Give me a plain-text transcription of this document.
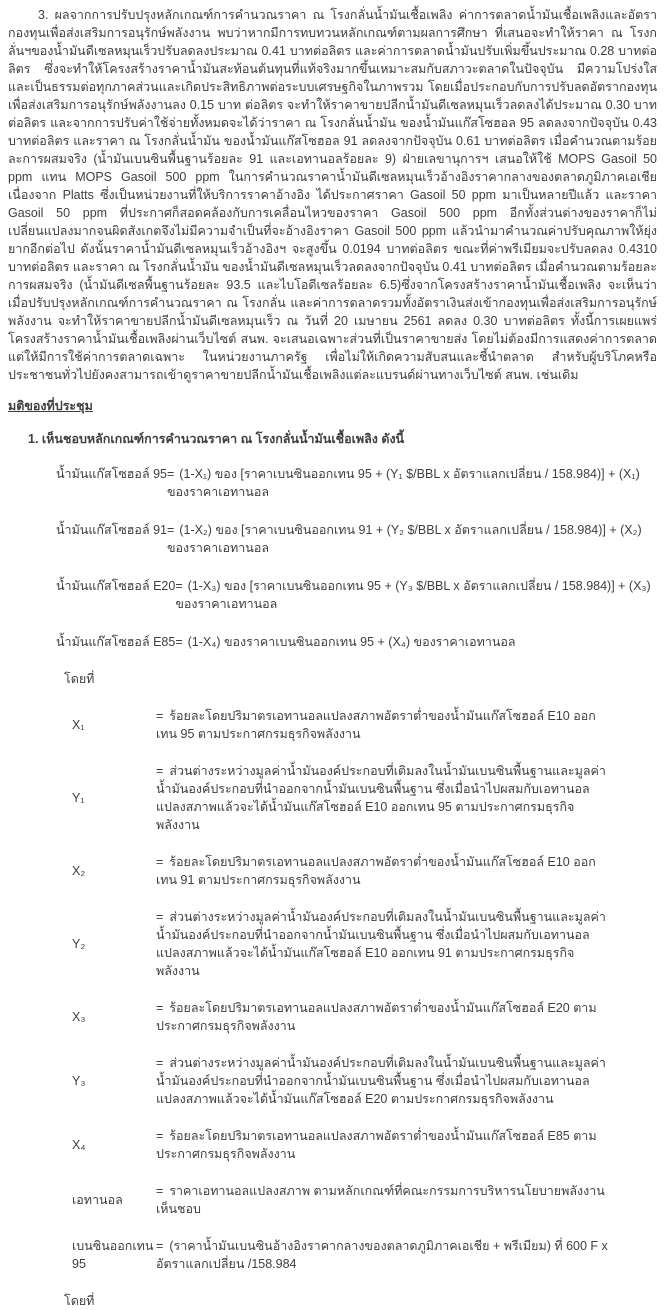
3. ผลจากการปรับปรุงหลักเกณฑ์การคำนวณราคา ณ โรงกลั่นน้ำมันเชื้อเพลิง ค่าการตลาดน้ำมันเชื้อเพลิงและอัตรากองทุนเพื่อส่งเสริมการอนุรักษ์พลังงาน พบว่าหากมีการทบทวนหลักเกณฑ์ตามผลการศึกษา ที่เสนอจะทำให้ราคา ณ โรงกลั่นฯของน้ำมันดีเซลหมุนเร็วปรับลดลงประมาณ 0.41 บาทต่อลิตร และค่าการตลาดน้ำมันปรับเพิ่มขึ้นประมาณ 0.28 บาทต่อลิตร ซึ่งจะทำให้โครงสร้างราคาน้ำมันสะท้อนต้นทุนที่แท้จริงมากขึ้นเหมาะสมกับสภาวะตลาดในปัจจุบัน มีความโปร่งใสและเป็นธรรมต่อทุกภาคส่วนและเกิดประสิทธิภาพต่อระบบเศรษฐกิจในภาพรวม โดยเมื่อประกอบกับการปรับลดอัตรากองทุนเพื่อส่งเสริมการอนุรักษ์พลังงานลง 0.15 บาท ต่อลิตร จะทำให้ราคาขายปลีกน้ำมันดีเซลหมุนเร็วลดลงได้ประมาณ 0.30 บาทต่อลิตร และจากการปรับค่าใช้จ่ายทั้งหมดจะได้ว่าราคา ณ โรงกลั่นน้ำมัน ของน้ำมันแก๊สโซฮอล 95 ลดลงจากปัจจุบัน 0.43 บาทต่อลิตร และราคา ณ โรงกลั่นน้ำมัน ของน้ำมันแก๊สโซฮอล 91 ลดลงจากปัจจุบัน 0.61 บาทต่อลิตร เมื่อคำนวณตามร้อยละการผสมจริง (น้ำมันเบนซินพื้นฐานร้อยละ 91 และเอทานอลร้อยละ 9) ฝ่ายเลขานุการฯ เสนอให้ใช้ MOPS Gasoil 50 ppm แทน MOPS Gasoil 500 ppm ในการคำนวณราคาน้ำมันดีเซลหมุนเร็วอ้างอิงราคากลางของตลาดภูมิภาคเอเชีย เนื่องจาก Platts ซึ่งเป็นหน่วยงานที่ให้บริการราคาอ้างอิง ได้ประกาศราคา Gasoil 50 ppm มาเป็นหลายปีแล้ว และราคา Gasoil 50 ppm ที่ประกาศก็สอดคล้องกับการเคลื่อนไหวของราคา Gasoil 500 ppm อีกทั้งส่วนต่างของราคาก็ไม่เปลี่ยนแปลงมากจนผิดสังเกตจึงไม่มีความจำเป็นที่จะอ้างอิงราคา Gasoil 500 ppm แล้วนำมาคำนวณค่าปรับคุณภาพให้ยุ่งยากอีกต่อไป ดังนั้นราคาน้ำมันดีเซลหมุนเร็วอ้างอิงฯ จะสูงขึ้น 0.0194 บาทต่อลิตร ขณะที่ค่าพรีเมียมจะปรับลดลง 0.4310 บาทต่อลิตร และราคา ณ โรงกลั่นน้ำมัน ของน้ำมันดีเซลหมุนเร็วลดลงจากปัจจุบัน 0.41 บาทต่อลิตร เมื่อคำนวณตามร้อยละการผสมจริง (น้ำมันดีเซลพื้นฐานร้อยละ 93.5 และไบโอดีเซลร้อยละ 6.5)ซึ่งจากโครงสร้างราคาน้ำมันเชื้อเพลิง จะเห็นว่าเมื่อปรับปรุงหลักเกณฑ์การคำนวณราคา ณ โรงกลั่น และค่าการตลาดรวมทั้งอัตราเงินส่งเข้ากองทุนเพื่อส่งเสริมการอนุรักษ์พลังงาน จะทำให้ราคาขายปลีกน้ำมันดีเซลหมุนเร็ว ณ วันที่ 20 เมษายน 2561 ลดลง 0.30 บาทต่อลิตร ทั้งนี้การเผยแพร่โครงสร้างราคาน้ำมันเชื้อเพลิงผ่านเว็บไซต์ สนพ. จะเสนอเฉพาะส่วนที่เป็นราคาขายส่ง โดยไม่ต้องมีการแสดงค่าการตลาด แต่ให้มีการใช้ค่าการตลาดเฉพาะ ในหน่วยงานภาครัฐ เพื่อไม่ให้เกิดความสับสนและชี้นำตลาด สำหรับผู้บริโภคหรือประชาชนทั่วไปยังคงสามารถเข้าดูราคาขายปลีกน้ำมันเชื้อเพลิงแต่ละแบรนด์ผ่านทางเว็บไซต์ สนพ. เช่นเดิม

มติของที่ประชุม
1. เห็นชอบหลักเกณฑ์การคำนวณราคา ณ โรงกลั่นน้ำมันเชื้อเพลิง ดังนี้
น้ำมันแก๊สโซฮอล์ 95 = (1-X₁) ของ [ราคาเบนซินออกเทน 95 + (Y₁ $/BBL x อัตราแลกเปลี่ยน / 158.984)] + (X₁) ของราคาเอทานอล
น้ำมันแก๊สโซฮอล์ 91 = (1-X₂) ของ [ราคาเบนซินออกเทน 91 + (Y₂ $/BBL x อัตราแลกเปลี่ยน / 158.984)] + (X₂) ของราคาเอทานอล
น้ำมันแก๊สโซฮอล์ E20 = (1-X₃) ของ [ราคาเบนซินออกเทน 95 + (Y₃ $/BBL x อัตราแลกเปลี่ยน / 158.984)] + (X₃) ของราคาเอทานอล
น้ำมันแก๊สโซฮอล์ E85 = (1-X₄) ของราคาเบนซินออกเทน 95 + (X₄) ของราคาเอทานอล
โดยที่
X₁
= ร้อยละโดยปริมาตรเอทานอลแปลงสภาพอัตราต่ำของน้ำมันแก๊สโซฮอล์ E10 ออกเทน 95 ตามประกาศกรมธุรกิจพลังงาน
Y₁
= ส่วนต่างระหว่างมูลค่าน้ำมันองค์ประกอบที่เติมลงในน้ำมันเบนซินพื้นฐานและมูลค่าน้ำมันองค์ประกอบที่นำออกจากน้ำมันเบนซินพื้นฐาน ซึ่งเมื่อนำไปผสมกับเอทานอลแปลงสภาพแล้วจะได้น้ำมันแก๊สโซฮอล์ E10 ออกเทน 95 ตามประกาศกรมธุรกิจพลังงาน
X₂
= ร้อยละโดยปริมาตรเอทานอลแปลงสภาพอัตราต่ำของน้ำมันแก๊สโซฮอล์ E10 ออกเทน 91 ตามประกาศกรมธุรกิจพลังงาน
Y₂
= ส่วนต่างระหว่างมูลค่าน้ำมันองค์ประกอบที่เติมลงในน้ำมันเบนซินพื้นฐานและมูลค่าน้ำมันองค์ประกอบที่นำออกจากน้ำมันเบนซินพื้นฐาน ซึ่งเมื่อนำไปผสมกับเอทานอลแปลงสภาพแล้วจะได้น้ำมันแก๊สโซฮอล์ E10 ออกเทน 91 ตามประกาศกรมธุรกิจพลังงาน
X₃
= ร้อยละโดยปริมาตรเอทานอลแปลงสภาพอัตราต่ำของน้ำมันแก๊สโซฮอล์ E20 ตามประกาศกรมธุรกิจพลังงาน
Y₃
= ส่วนต่างระหว่างมูลค่าน้ำมันองค์ประกอบที่เติมลงในน้ำมันเบนซินพื้นฐานและมูลค่าน้ำมันองค์ประกอบที่นำออกจากน้ำมันเบนซินพื้นฐาน ซึ่งเมื่อนำไปผสมกับเอทานอลแปลงสภาพแล้วจะได้น้ำมันแก๊สโซฮอล์ E20 ตามประกาศกรมธุรกิจพลังงาน
X₄
= ร้อยละโดยปริมาตรเอทานอลแปลงสภาพอัตราต่ำของน้ำมันแก๊สโซฮอล์ E85 ตามประกาศกรมธุรกิจพลังงาน
เอทานอล
= ราคาเอทานอลแปลงสภาพ ตามหลักเกณฑ์ที่คณะกรรมการบริหารนโยบายพลังงานเห็นชอบ
เบนซินออกเทน 95
= (ราคาน้ำมันเบนซินอ้างอิงราคากลางของตลาดภูมิภาคเอเชีย + พรีเมียม) ที่ 600 F x อัตราแลกเปลี่ยน /158.984
โดยที่
